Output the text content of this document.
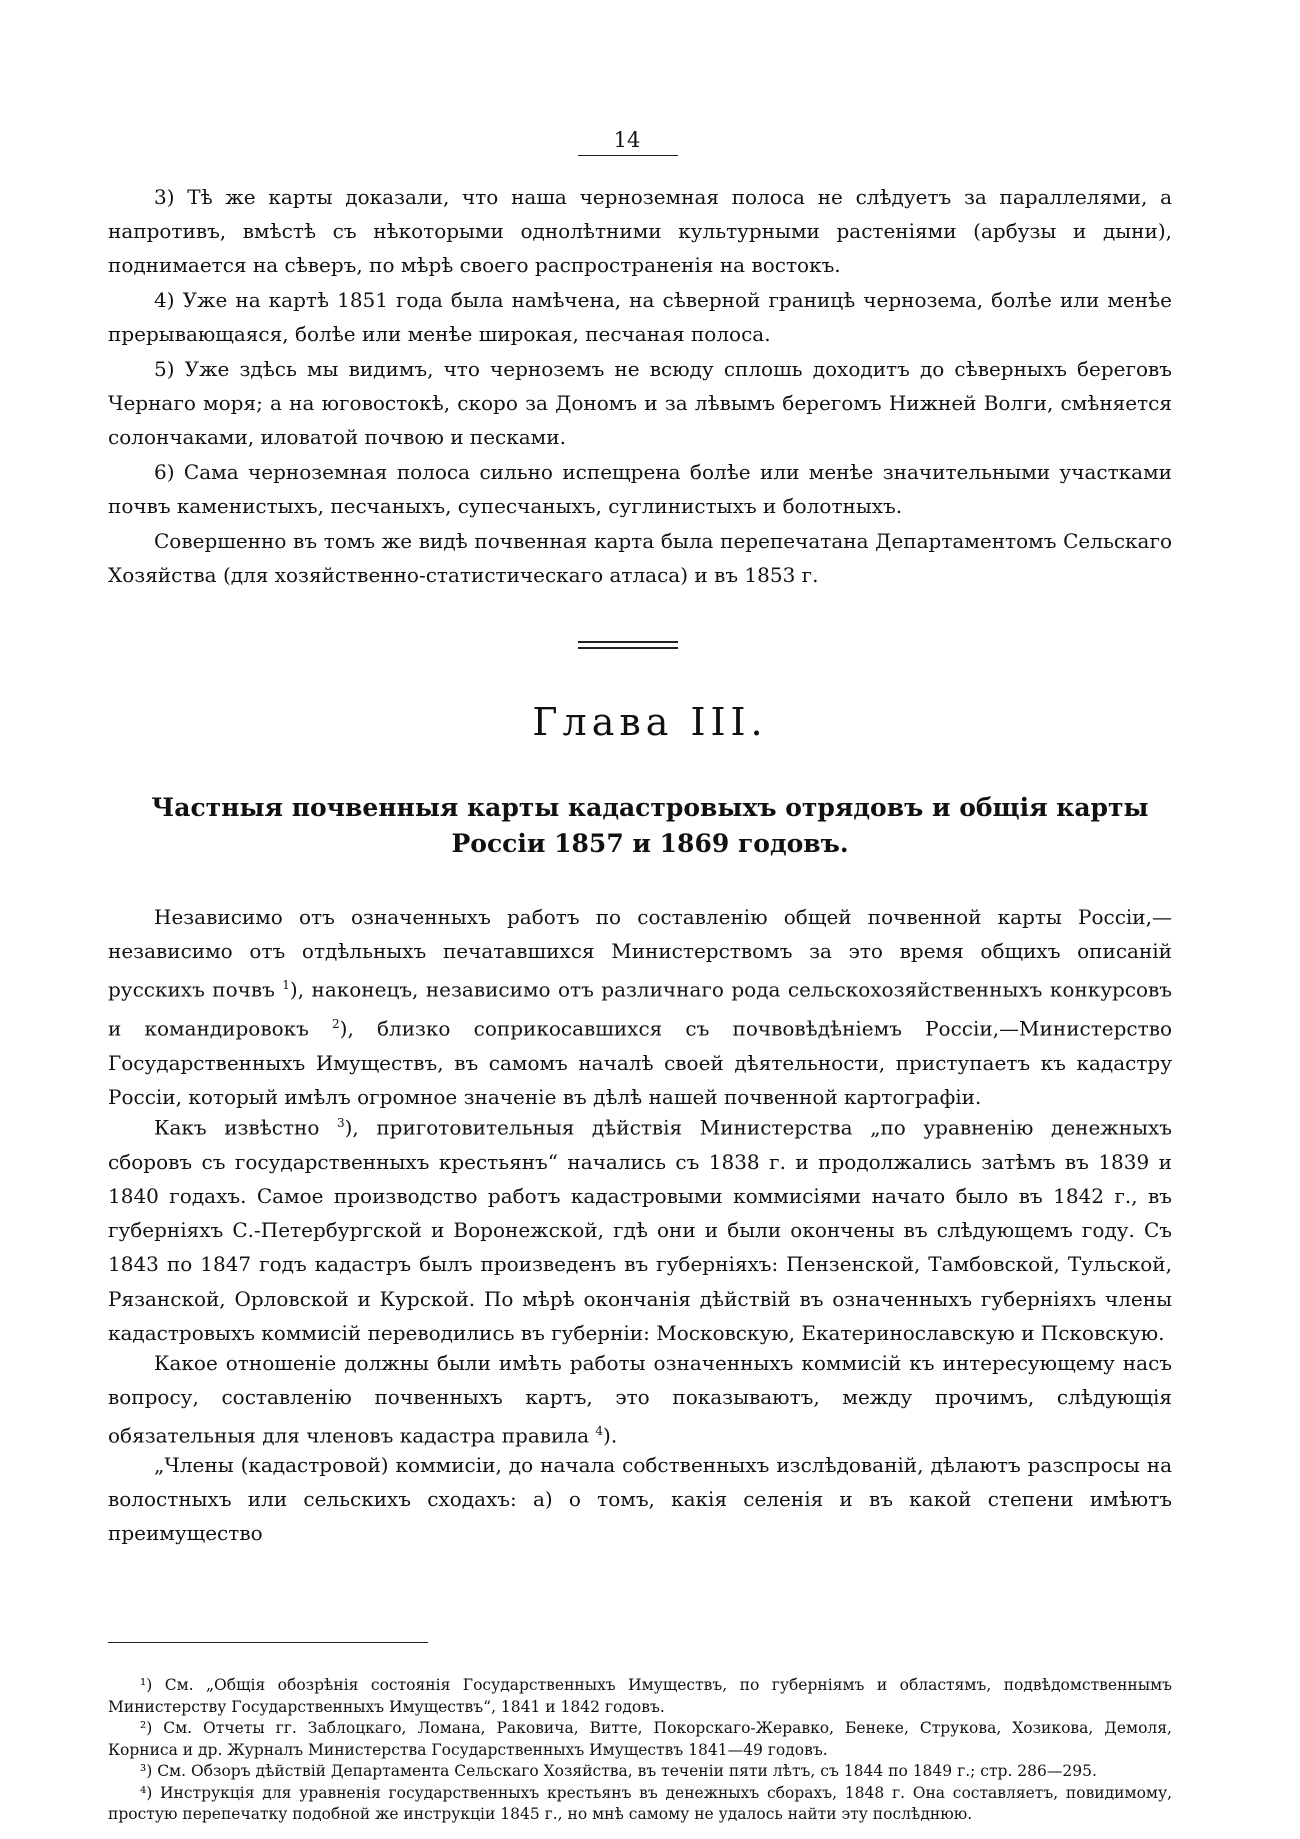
14
3) Тѣ же карты доказали, что наша черноземная полоса не слѣдуетъ за параллелями, а напротивъ, вмѣстѣ съ нѣкоторыми однолѣтними культурными растеніями (арбузы и дыни), поднимается на сѣверъ, по мѣрѣ своего распространенія на востокъ.
4) Уже на картѣ 1851 года была намѣчена, на сѣверной границѣ чернозема, болѣе или менѣе прерывающаяся, болѣе или менѣе широкая, песчаная полоса.
5) Уже здѣсь мы видимъ, что черноземъ не всюду сплошь доходитъ до сѣверныхъ береговъ Чернаго моря; а на юговостокѣ, скоро за Дономъ и за лѣвымъ берегомъ Нижней Волги, смѣняется солончаками, иловатой почвою и песками.
6) Сама черноземная полоса сильно испещрена болѣе или менѣе значительными участками почвъ каменистыхъ, песчаныхъ, супесчаныхъ, суглинистыхъ и болотныхъ.
Совершенно въ томъ же видѣ почвенная карта была перепечатана Департаментомъ Сельскаго Хозяйства (для хозяйственно-статистическаго атласа) и въ 1853 г.
Глава III.
Частныя почвенныя карты кадастровыхъ отрядовъ и общія карты Россіи 1857 и 1869 годовъ.
Независимо отъ означенныхъ работъ по составленію общей почвенной карты Россіи,—независимо отъ отдѣльныхъ печатавшихся Министерствомъ за это время общихъ описаній русскихъ почвъ $^1$), наконецъ, независимо отъ различнаго рода сельскохозяйственныхъ конкурсовъ и командировокъ $^2$), близко соприкосавшихся съ почвовѣдѣніемъ Россіи,—Министерство Государственныхъ Имуществъ, въ самомъ началѣ своей дѣятельности, приступаетъ къ кадастру Россіи, который имѣлъ огромное значеніе въ дѣлѣ нашей почвенной картографіи.
Какъ извѣстно $^3$), приготовительныя дѣйствія Министерства „по уравненію денежныхъ сборовъ съ государственныхъ крестьянъ“ начались съ 1838 г. и продолжались затѣмъ въ 1839 и 1840 годахъ. Самое производство работъ кадастровыми коммисіями начато было въ 1842 г., въ губерніяхъ С.-Петербургской и Воронежской, гдѣ они и были окончены въ слѣдующемъ году. Съ 1843 по 1847 годъ кадастръ былъ произведенъ въ губерніяхъ: Пензенской, Тамбовской, Тульской, Рязанской, Орловской и Курской. По мѣрѣ окончанія дѣйствій въ означенныхъ губерніяхъ члены кадастровыхъ коммисій переводились въ губерніи: Московскую, Екатеринославскую и Псковскую.
Какое отношеніе должны были имѣть работы означенныхъ коммисій къ интересующему насъ вопросу, составленію почвенныхъ картъ, это показываютъ, между прочимъ, слѣдующія обязательныя для членовъ кадастра правила $^4$).
„Члены (кадастровой) коммисіи, до начала собственныхъ изслѣдованій, дѣлаютъ разспросы на волостныхъ или сельскихъ сходахъ: а) о томъ, какія селенія и въ какой степени имѣютъ преимущество

¹) См. „Общія обозрѣнія состоянія Государственныхъ Имуществъ, по губерніямъ и областямъ, подвѣдомственнымъ Министерству Государственныхъ Имуществъ“, 1841 и 1842 годовъ.

²) См. Отчеты гг. Заблоцкаго, Ломана, Раковича, Витте, Покорскаго-Жеравко, Бенеке, Струкова, Хозикова, Демоля, Корниса и др. Журналъ Министерства Государственныхъ Имуществъ 1841—49 годовъ.

³) См. Обзоръ дѣйствій Департамента Сельскаго Хозяйства, въ теченіи пяти лѣтъ, съ 1844 по 1849 г.; стр. 286—295.

⁴) Инструкція для уравненія государственныхъ крестьянъ въ денежныхъ сборахъ, 1848 г. Она составляетъ, повидимому, простую перепечатку подобной же инструкціи 1845 г., но мнѣ самому не удалось найти эту послѣднюю.
